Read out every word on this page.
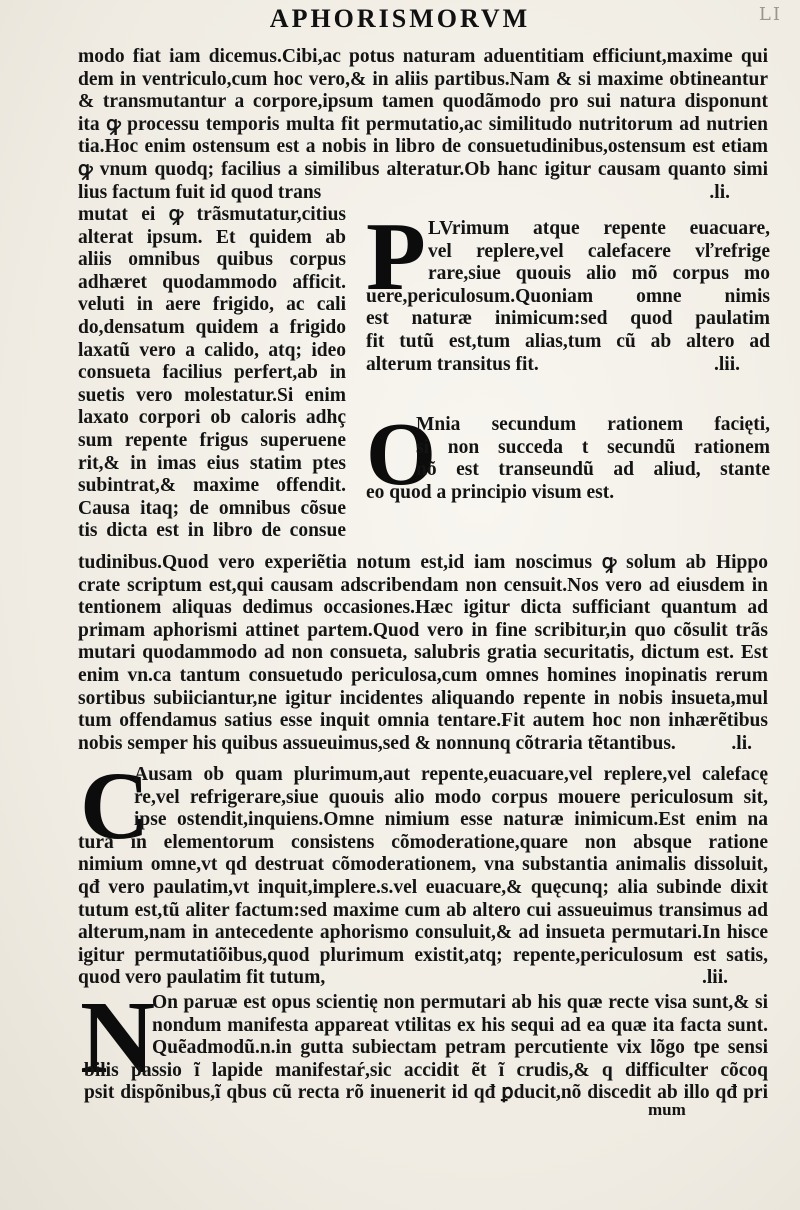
APHORISMORVM	LI
modo fiat iam dicemus.Cibi,ac potus naturam aduentitiam efficiunt,maxime qui
dem in ventriculo,cum hoc vero,& in aliis partibus.Nam & si maxime obtineantur
& transmutantur a corpore,ipsum tamen quodãmodo pro sui natura disponunt
ita ꝙ processu temporis multa fit permutatio,ac similitudo nutritorum ad nutrien
tia.Hoc enim ostensum est a nobis in libro de consuetudinibus,ostensum est etiam
ꝙ vnum quodq; facilius a similibus alteratur.Ob hanc igitur causam quanto simi
lius factum fuit id quod trans	.li.
mutat ei ꝙ trãsmutatur,citius
alterat ipsum. Et quidem ab
aliis omnibus quibus corpus
adhæret quodammodo afficit.
veluti in aere frigido, ac cali
do,densatum quidem a frigido
laxatũ vero a calido, atq; ideo
consueta facilius perfert,ab in
suetis vero molestatur.Si enim
laxato corpori ob caloris adhç
sum repente frigus superuene
rit,& in imas eius statim ptes
subintrat,& maxime offendit.
Causa itaq; de omnibus cõsue
tis dicta est in libro de consue
P LVrimum atque repente euacuare,
vel replere,vel calefacere vľrefrige
rare,siue quouis alio mõ corpus mo
uere,periculosum.Quoniam omne nimis
est naturæ inimicum:sed quod paulatim
fit tutũ est,tum alias,tum cũ ab altero ad
alterum transitus fit.	.lii.
O
Mnia secundum rationem facięti,
si non succeda t secundũ rationem
nõ est transeundũ ad aliud, stante
eo quod a principio visum est.
tudinibus.Quod vero experiẽtia notum est,id iam noscimus ꝙ solum ab Hippo
crate scriptum est,qui causam adscribendam non censuit.Nos vero ad eiusdem in
tentionem aliquas dedimus occasiones.Hæc igitur dicta sufficiant quantum ad
primam aphorismi attinet partem.Quod vero in fine scribitur,in quo cõsulit trãs
mutari quodammodo ad non consueta, salubris gratia securitatis, dictum est. Est
enim vn.ca tantum consuetudo periculosa,cum omnes homines inopinatis rerum
sortibus subiiciantur,ne igitur incidentes aliquando repente in nobis insueta,mul
tum offendamus satius esse inquit omnia tentare.Fit autem hoc non inhærẽtibus
nobis semper his quibus assueuimus,sed & nonnunq cõtraria tẽtantibus.	.li.
C
Ausam ob quam plurimum,aut repente,euacuare,vel replere,vel calefacę
re,vel refrigerare,siue quouis alio modo corpus mouere periculosum sit,
ipse ostendit,inquiens.Omne nimium esse naturæ inimicum.Est enim na
tura in elementorum consistens cõmoderatione,quare non absque ratione
nimium omne,vt qd destruat cõmoderationem, vna substantia animalis dissoluit,
qđ vero paulatim,vt inquit,implere.s.vel euacuare,& quęcunq; alia subinde dixit
tutum est,tũ aliter factum:sed maxime cum ab altero cui assueuimus transimus ad
alterum,nam in antecedente aphorismo consuluit,& ad insueta permutari.In hisce
igitur permutatiõibus,quod plurimum existit,atq; repente,periculosum est satis,
quod vero paulatim fit tutum,	.lii.
N
On paruæ est opus scientię non permutari ab his quæ recte visa sunt,& si
nondum manifesta appareat vtilitas ex his sequi ad ea quæ ita facta sunt.
Quẽadmodũ.n.in gutta subiectam petram percutiente vix lõgo tpe sensi
bilis passio ĩ lapide manifestaŕ,sic accidit ẽt ĩ crudis,& q difficulter cõcoq
psit dispõnibus,ĩ qbus cũ recta rõ inuenerit id qđ ꝑducit,nõ discedit ab illo qđ pri
mum
